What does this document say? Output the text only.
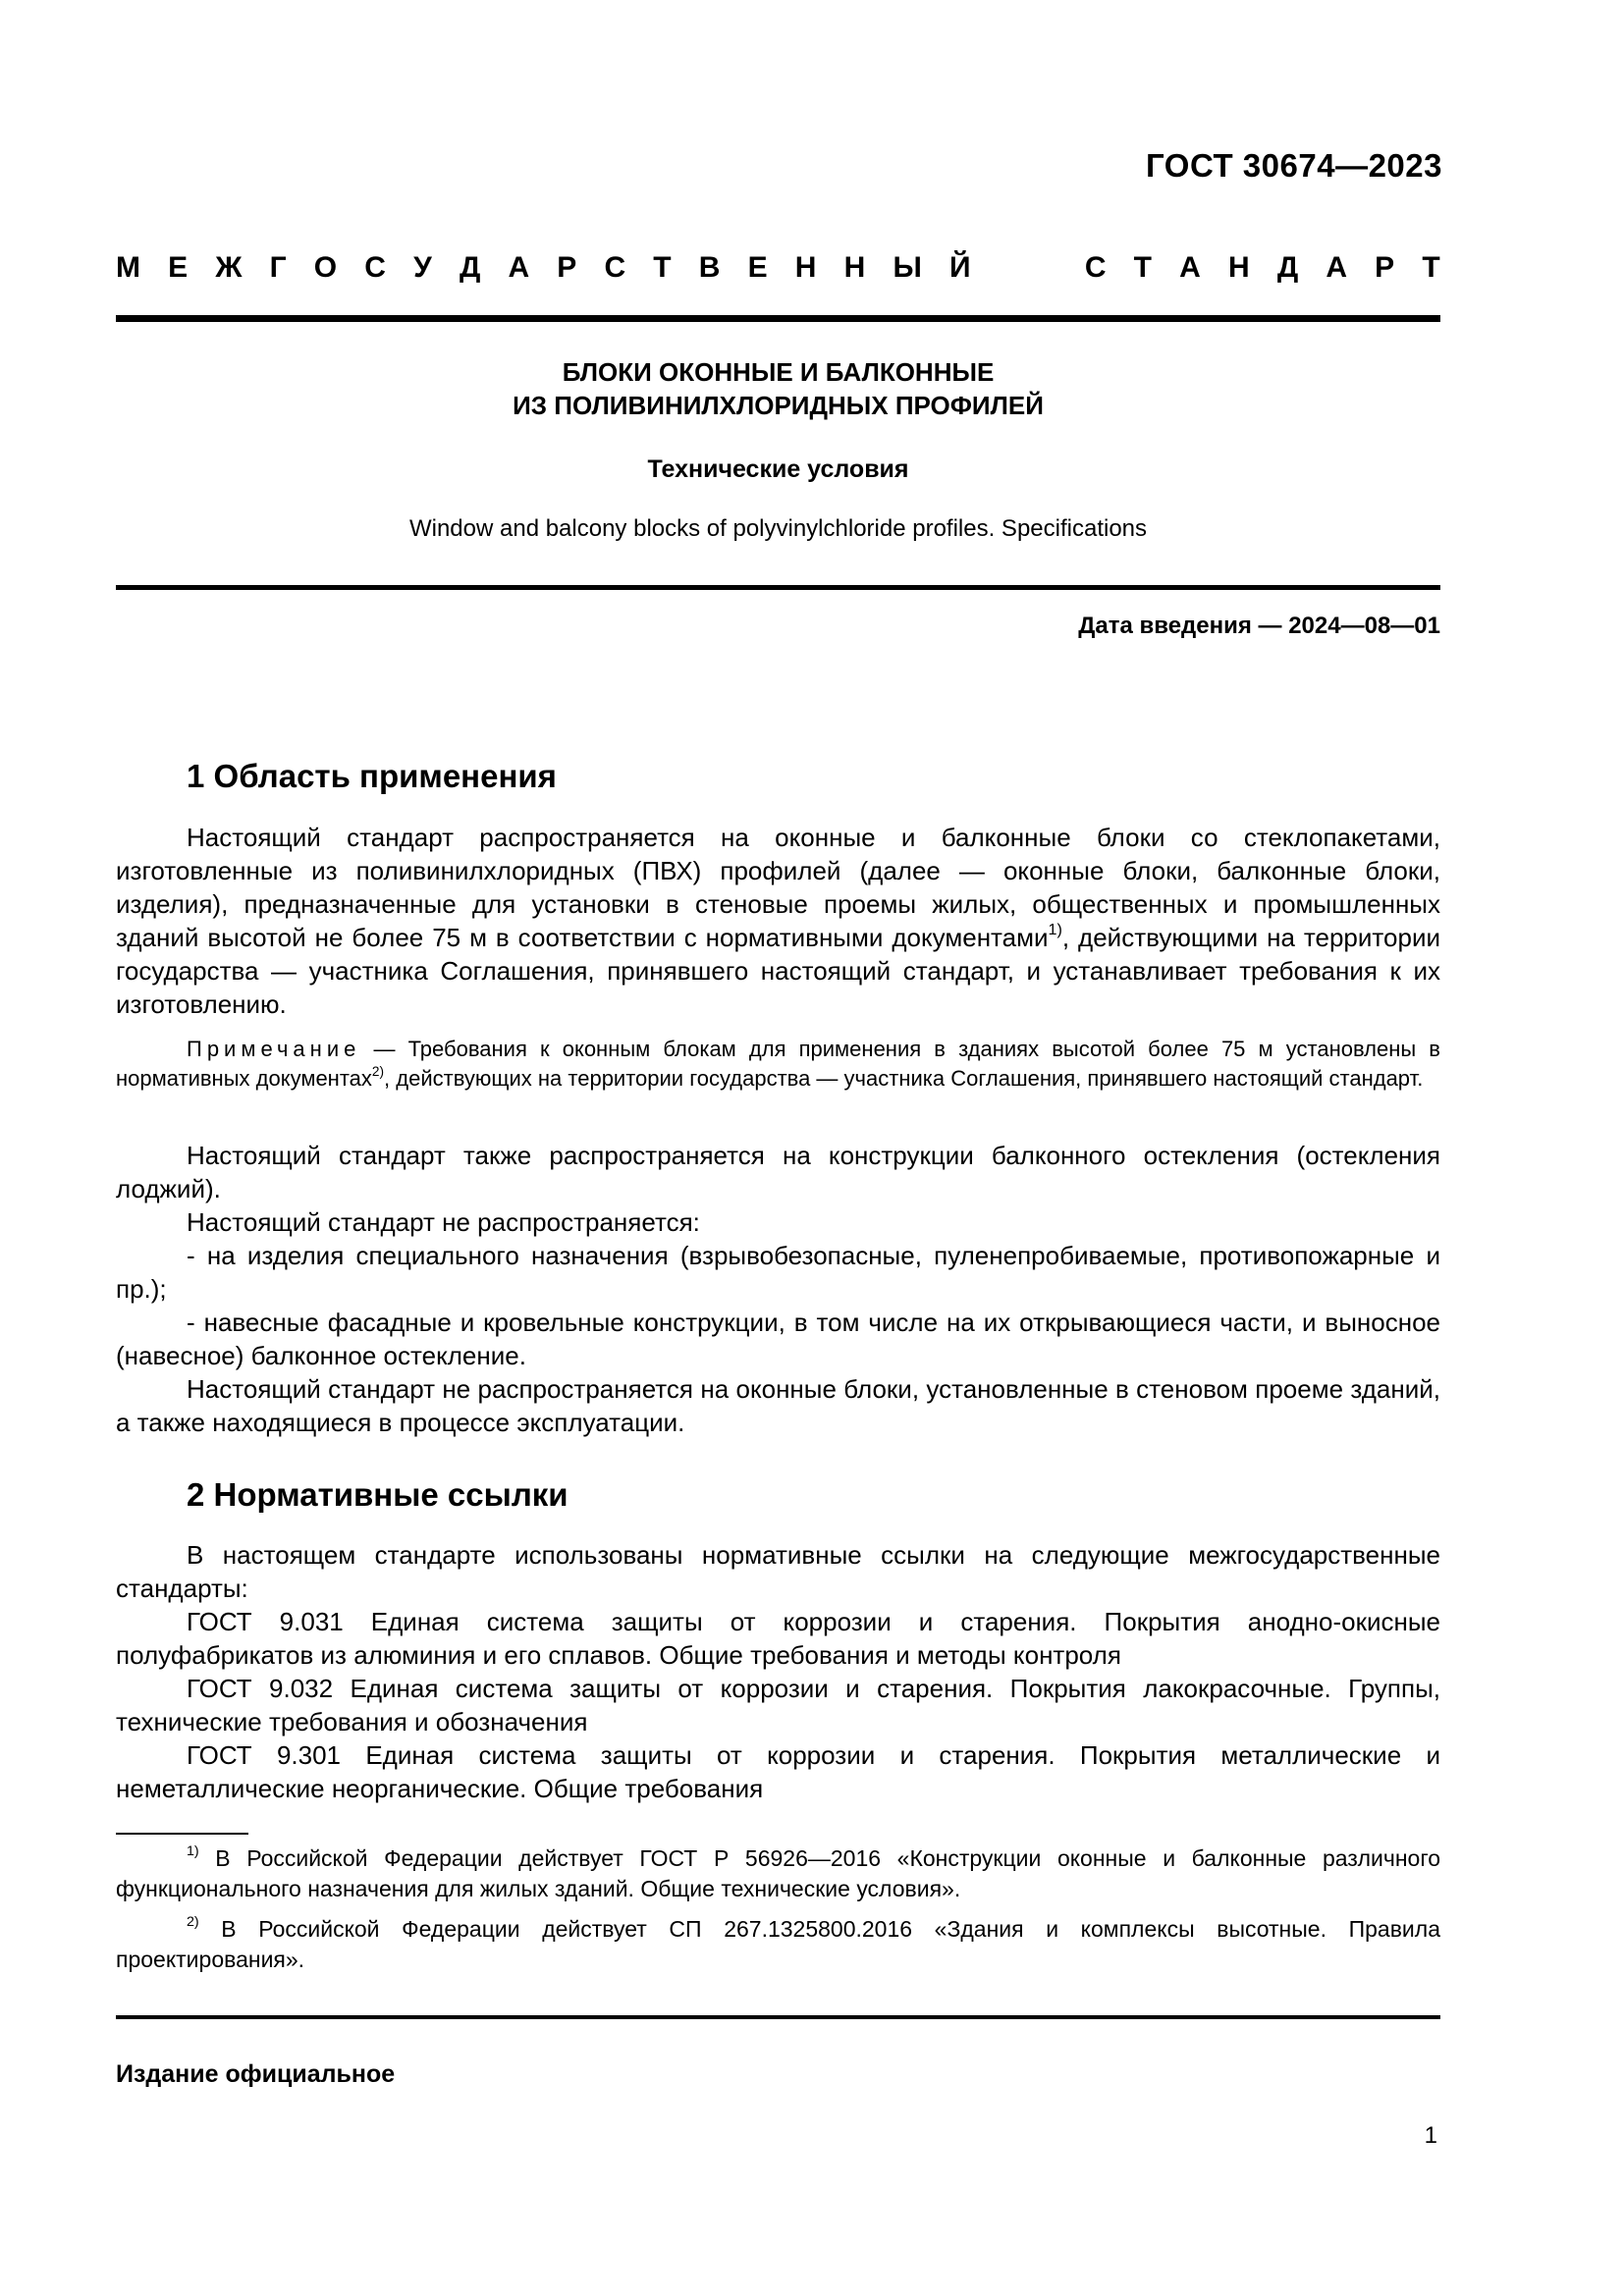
ГОСТ 30674—2023
М Е Ж Г О С У Д А Р С Т В Е Н Н Ы Й	С Т А Н Д А Р Т
БЛОКИ ОКОННЫЕ И БАЛКОННЫЕ
ИЗ ПОЛИВИНИЛХЛОРИДНЫХ ПРОФИЛЕЙ
Технические условия
Window and balcony blocks of polyvinylchloride profiles. Specifications
Дата введения — 2024—08—01
1 Область применения

Настоящий стандарт распространяется на оконные и балконные блоки со стеклопакетами, изготовленные из поливинилхлоридных (ПВХ) профилей (далее — оконные блоки, балконные блоки, изделия), предназначенные для установки в стеновые проемы жилых, общественных и промышленных зданий высотой не более 75 м в соответствии с нормативными документами$^{1)}$, действующими на территории государства — участника Соглашения, принявшего настоящий стандарт, и устанавливает требования к их изготовлению.

Примечание — Требования к оконным блокам для применения в зданиях высотой более 75 м установлены в нормативных документах$^{2)}$, действующих на территории государства — участника Соглашения, принявшего настоящий стандарт.

Настоящий стандарт также распространяется на конструкции балконного остекления (остекления лоджий).

Настоящий стандарт не распространяется:

- на изделия специального назначения (взрывобезопасные, пуленепробиваемые, противопожарные и пр.);

- навесные фасадные и кровельные конструкции, в том числе на их открывающиеся части, и выносное (навесное) балконное остекление.

Настоящий стандарт не распространяется на оконные блоки, установленные в стеновом проеме зданий, а также находящиеся в процессе эксплуатации.

2 Нормативные ссылки

В настоящем стандарте использованы нормативные ссылки на следующие межгосударственные стандарты:

ГОСТ 9.031 Единая система защиты от коррозии и старения. Покрытия анодно-окисные полуфабрикатов из алюминия и его сплавов. Общие требования и методы контроля

ГОСТ 9.032 Единая система защиты от коррозии и старения. Покрытия лакокрасочные. Группы, технические требования и обозначения

ГОСТ 9.301 Единая система защиты от коррозии и старения. Покрытия металлические и неметаллические неорганические. Общие требования

$^{1)}$ В Российской Федерации действует ГОСТ Р 56926—2016 «Конструкции оконные и балконные различного функционального назначения для жилых зданий. Общие технические условия».

$^{2)}$ В Российской Федерации действует СП 267.1325800.2016 «Здания и комплексы высотные. Правила проектирования».

Издание официальное
1
